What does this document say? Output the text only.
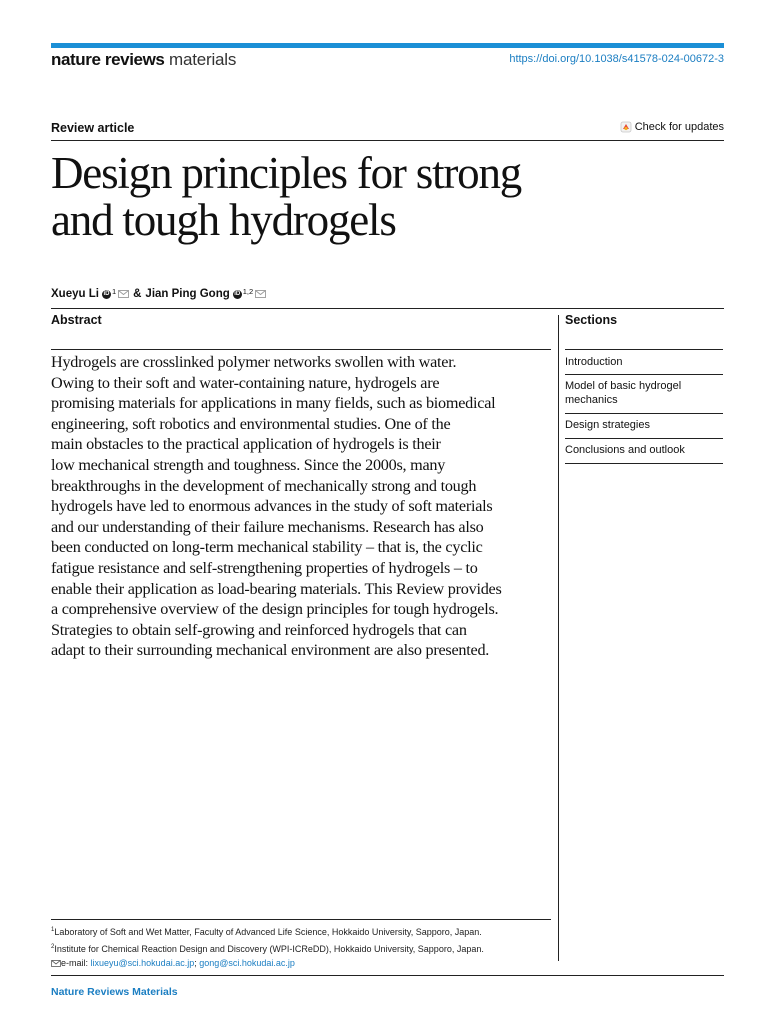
nature reviews materials	https://doi.org/10.1038/s41578-024-00672-3
Review article	Check for updates
Design principles for strong
and tough hydrogels
Xueyu Li iD $^1$ & Jian Ping Gong iD $^{1,2}$
Abstract
Hydrogels are crosslinked polymer networks swollen with water.
Owing to their soft and water-containing nature, hydrogels are
promising materials for applications in many fields, such as biomedical
engineering, soft robotics and environmental studies. One of the
main obstacles to the practical application of hydrogels is their
low mechanical strength and toughness. Since the 2000s, many
breakthroughs in the development of mechanically strong and tough
hydrogels have led to enormous advances in the study of soft materials
and our understanding of their failure mechanisms. Research has also
been conducted on long-term mechanical stability – that is, the cyclic
fatigue resistance and self-strengthening properties of hydrogels – to
enable their application as load-bearing materials. This Review provides
a comprehensive overview of the design principles for tough hydrogels.
Strategies to obtain self-growing and reinforced hydrogels that can
adapt to their surrounding mechanical environment are also presented.
Sections
Introduction
Model of basic hydrogel mechanics
Design strategies
Conclusions and outlook
$^1$Laboratory of Soft and Wet Matter, Faculty of Advanced Life Science, Hokkaido University, Sapporo, Japan.
$^2$Institute for Chemical Reaction Design and Discovery (WPI-ICReDD), Hokkaido University, Sapporo, Japan.
e-mail: lixueyu@sci.hokudai.ac.jp; gong@sci.hokudai.ac.jp
Nature Reviews Materials
